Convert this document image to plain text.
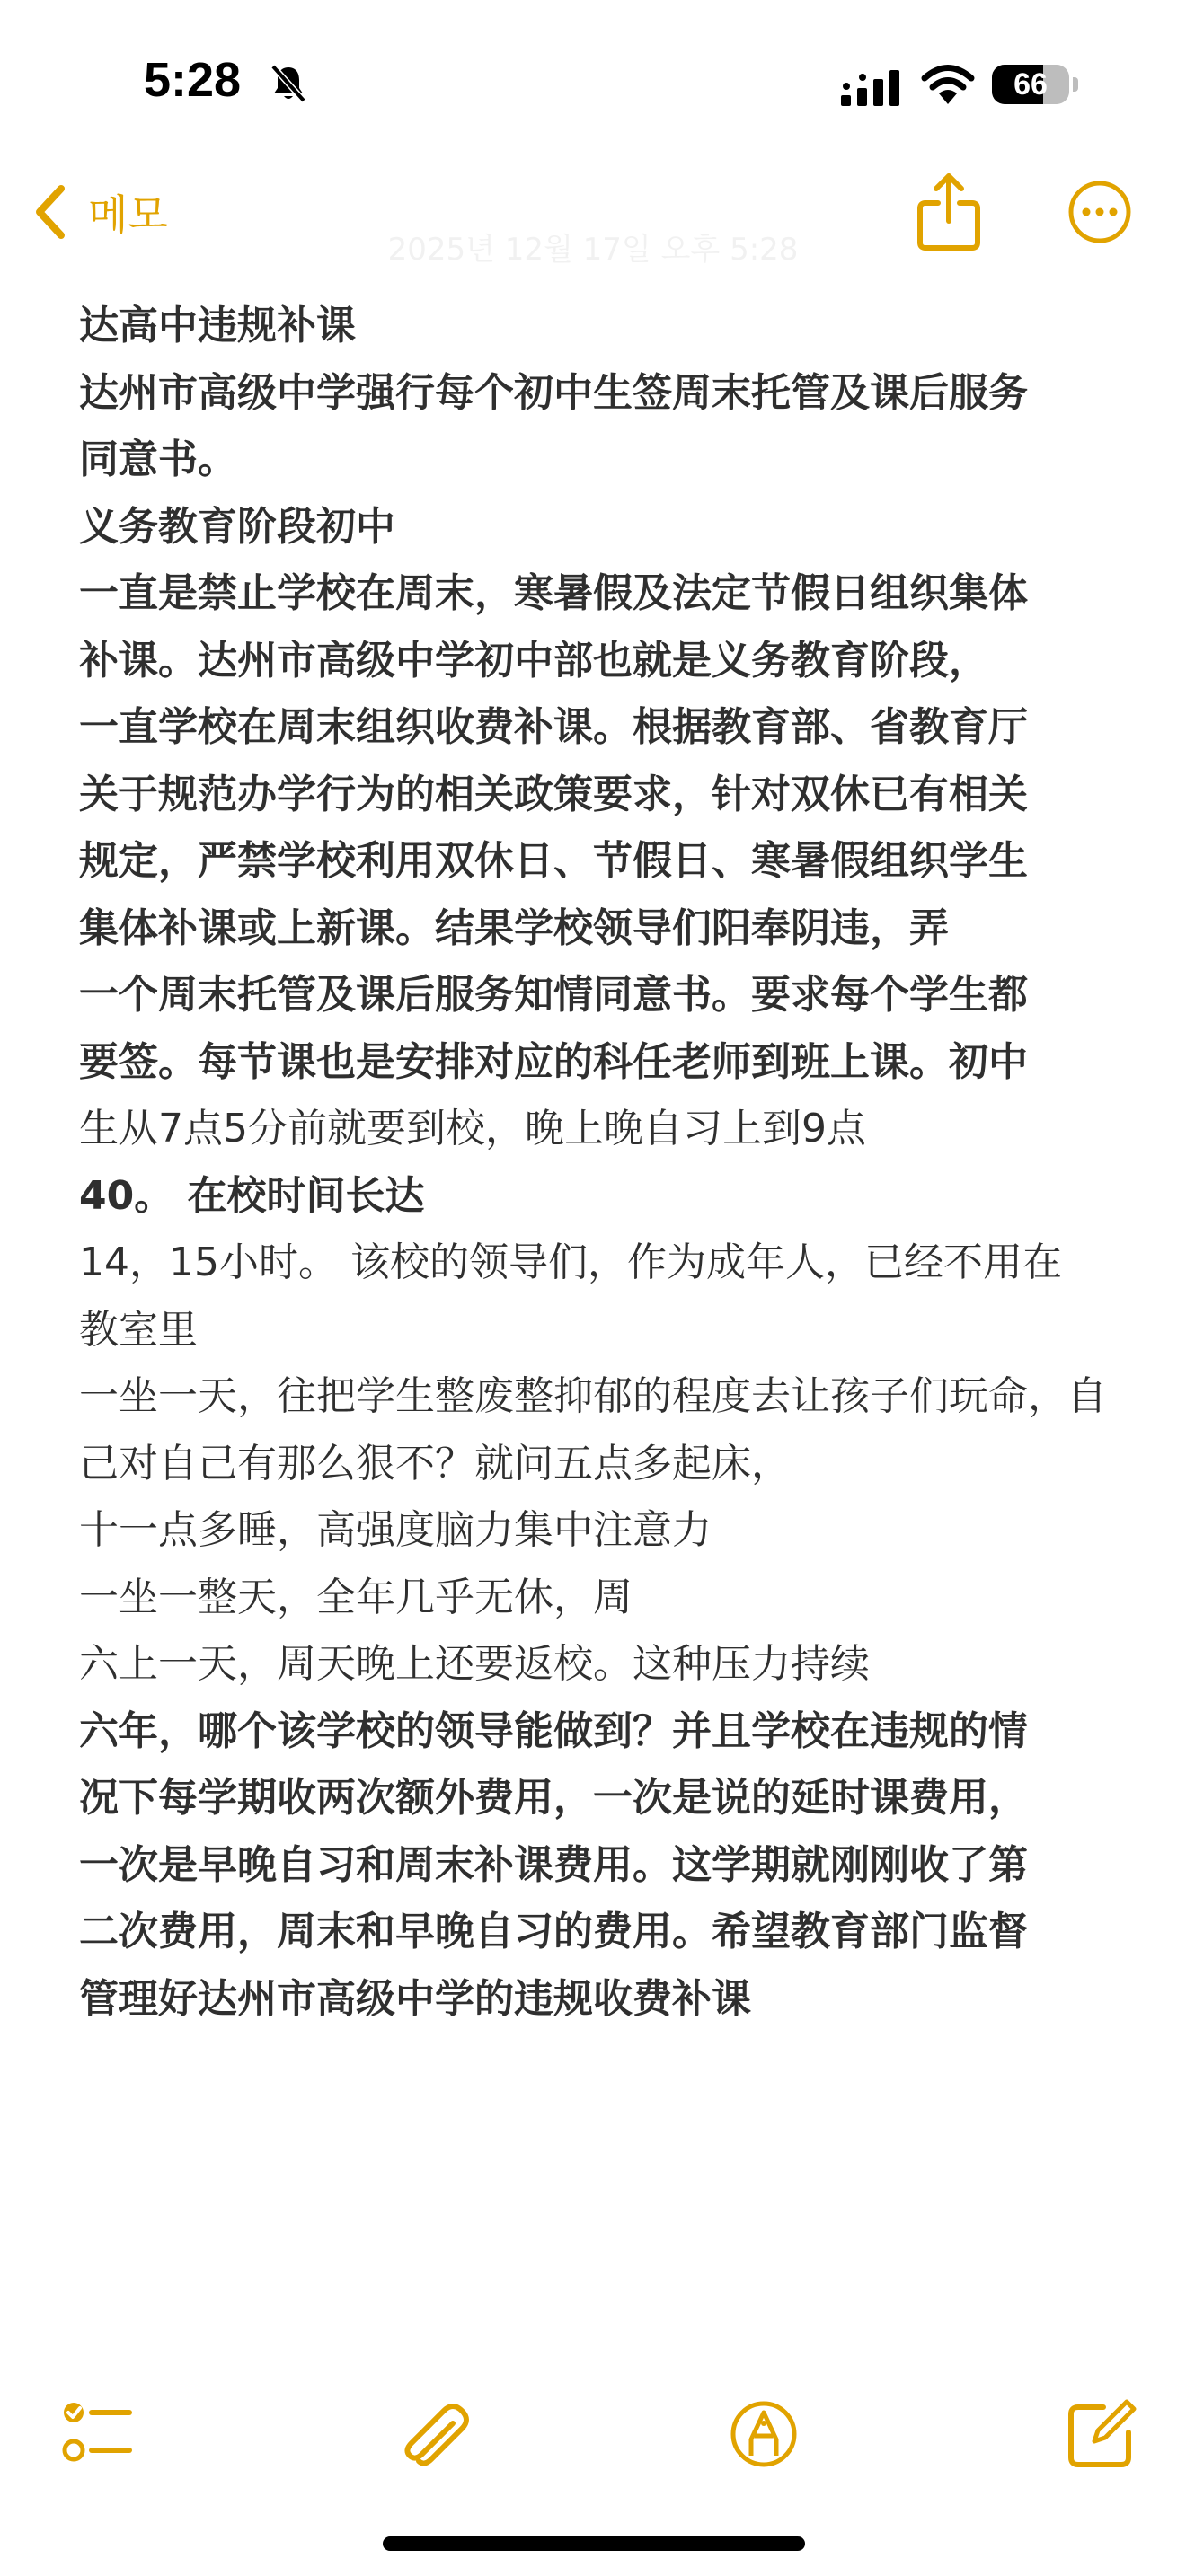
5:28	66
메모
2025년 12월 17일 오후 5:28
达高中违规补课
达州市高级中学强行每个初中生签周末托管及课后服务
同意书。
义务教育阶段初中
一直是禁止学校在周末，寒暑假及法定节假日组织集体
补课。达州市高级中学初中部也就是义务教育阶段，
一直学校在周末组织收费补课。根据教育部、省教育厅
关于规范办学行为的相关政策要求，针对双休已有相关
规定，严禁学校利用双休日、节假日、寒暑假组织学生
集体补课或上新课。结果学校领导们阳奉阴违，弄
一个周末托管及课后服务知情同意书。要求每个学生都
要签。每节课也是安排对应的科任老师到班上课。初中
生从7点5分前就要到校，晚上晚自习上到9点
40。 在校时间长达
14，15小时。 该校的领导们，作为成年人，已经不用在
教室里
一坐一天，往把学生整废整抑郁的程度去让孩子们玩命，自
己对自己有那么狠不？就问五点多起床，
十一点多睡，高强度脑力集中注意力
一坐一整天，全年几乎无休，周
六上一天，周天晚上还要返校。这种压力持续
六年，哪个该学校的领导能做到？并且学校在违规的情
况下每学期收两次额外费用，一次是说的延时课费用，
一次是早晚自习和周末补课费用。这学期就刚刚收了第
二次费用，周末和早晚自习的费用。希望教育部门监督
管理好达州市高级中学的违规收费补课
